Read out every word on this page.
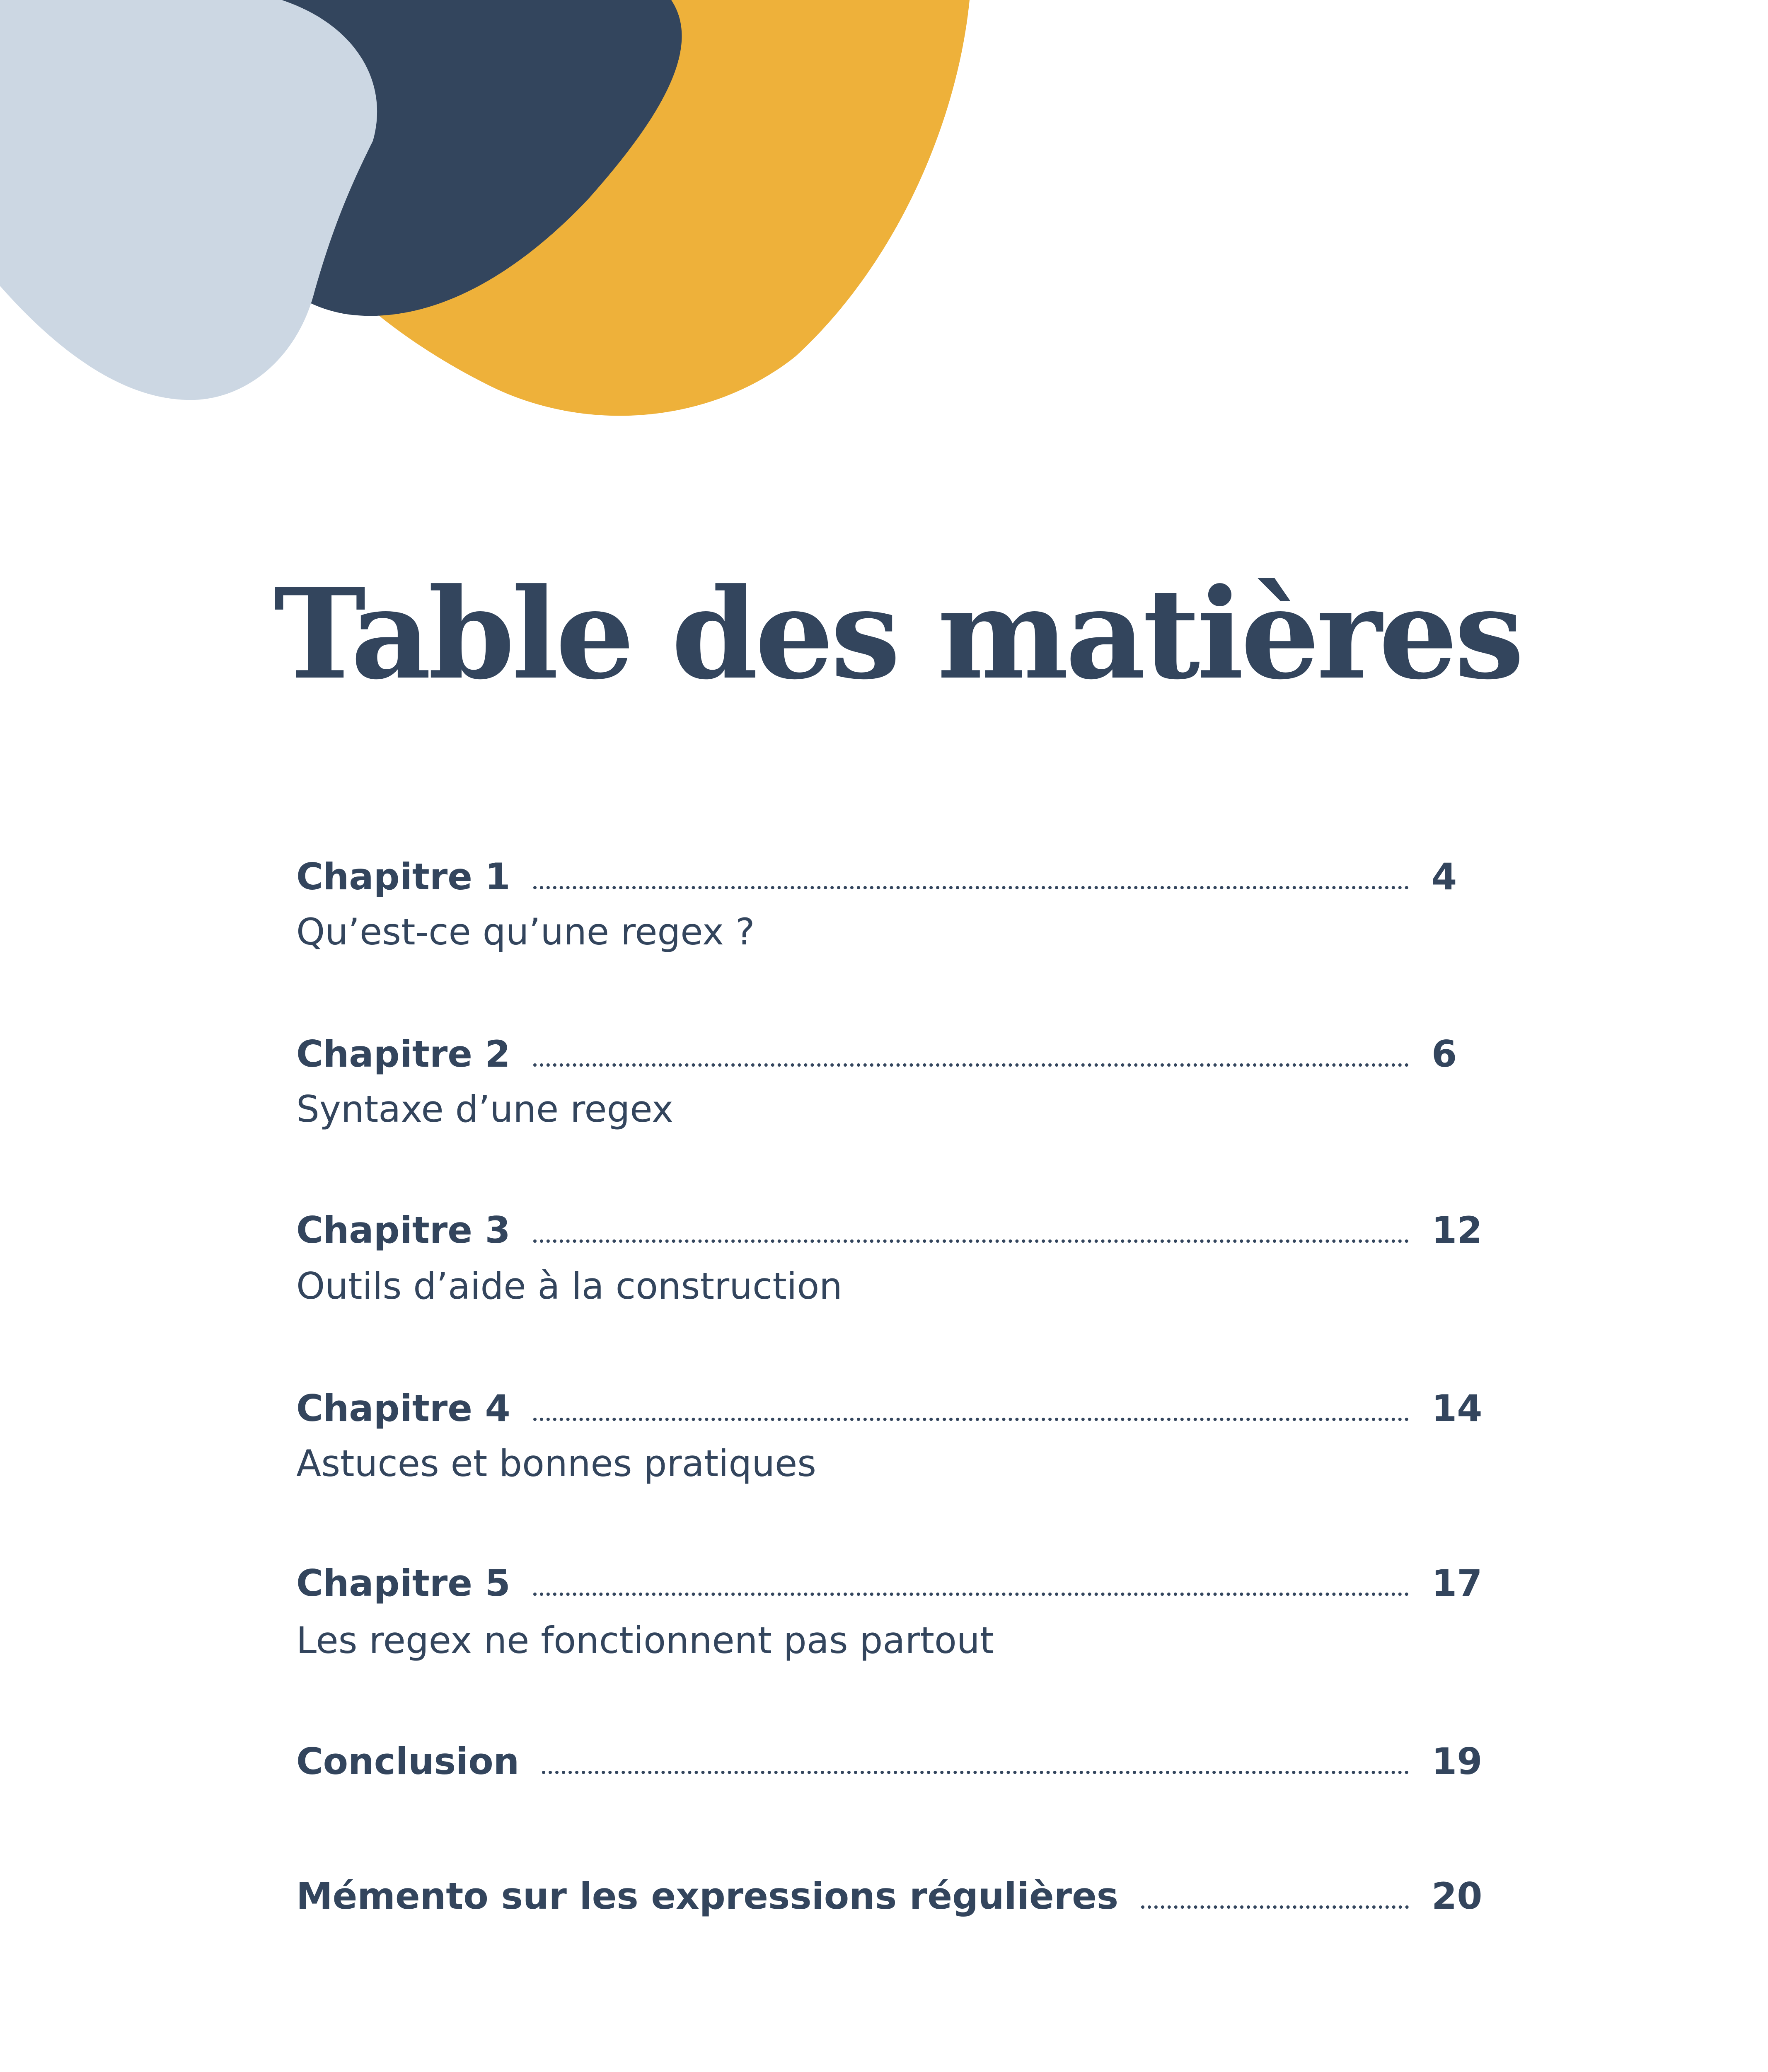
Table des matières
Chapitre 1	4
Qu’est-ce qu’une regex ?
Chapitre 2	6
Syntaxe d’une regex
Chapitre 3	12
Outils d’aide à la construction
Chapitre 4	14
Astuces et bonnes pratiques
Chapitre 5	17
Les regex ne fonctionnent pas partout
Conclusion	19
Mémento sur les expressions régulières	20
